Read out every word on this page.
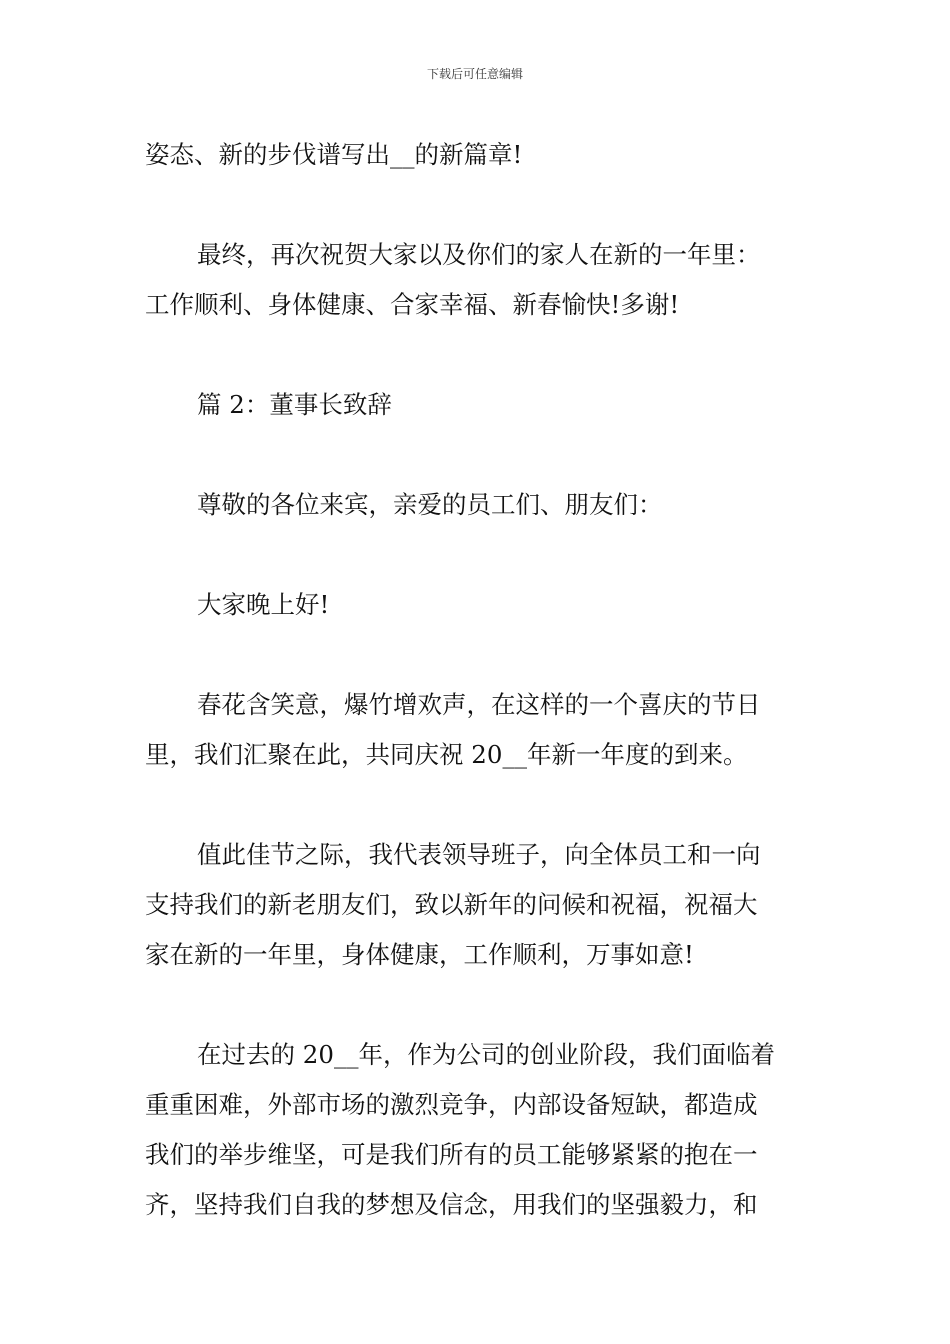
下载后可任意编辑
姿态、新的步伐谱写出__的新篇章!
最终，再次祝贺大家以及你们的家人在新的一年里：
工作顺利、身体健康、合家幸福、新春愉快!多谢!
篇 2：董事长致辞
尊敬的各位来宾，亲爱的员工们、朋友们：
大家晚上好!
春花含笑意，爆竹增欢声，在这样的一个喜庆的节日
里，我们汇聚在此，共同庆祝 20__年新一年度的到来。
值此佳节之际，我代表领导班子，向全体员工和一向
支持我们的新老朋友们，致以新年的问候和祝福，祝福大
家在新的一年里，身体健康，工作顺利，万事如意!
在过去的 20__年，作为公司的创业阶段，我们面临着
重重困难，外部市场的激烈竞争，内部设备短缺，都造成
我们的举步维坚，可是我们所有的员工能够紧紧的抱在一
齐，坚持我们自我的梦想及信念，用我们的坚强毅力，和
